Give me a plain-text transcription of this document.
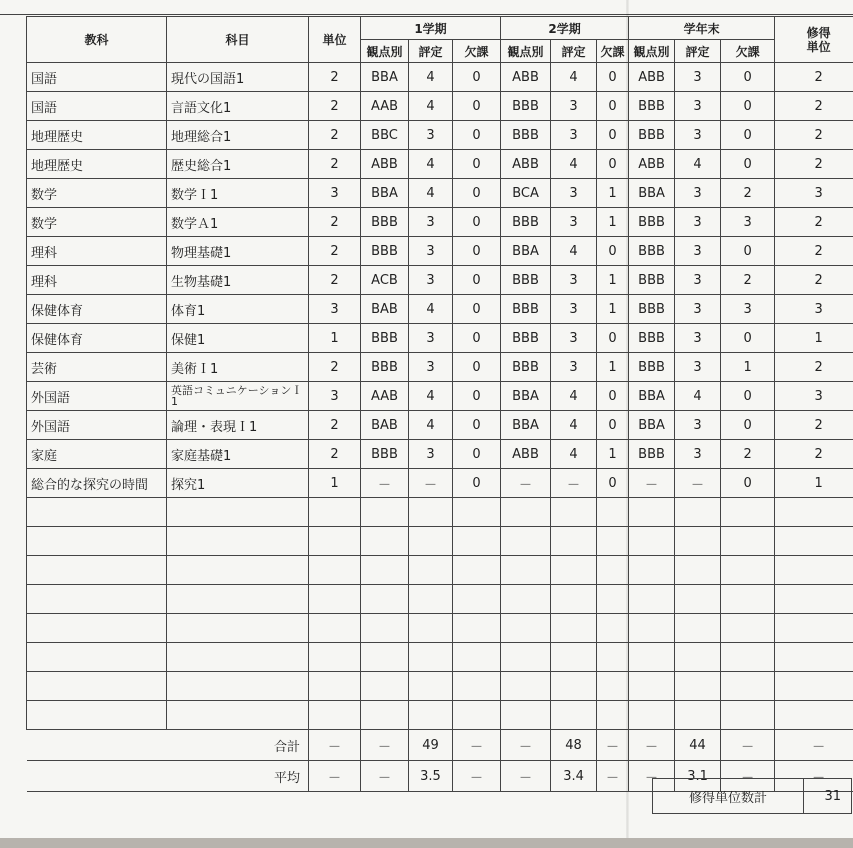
教科	科目	単位	1学期			2学期			学年末			修得
単位
			観点別	評定	欠課	観点別	評定	欠課	観点別	評定	欠課	
国語	現代の国語1	2	BBA	4	0	ABB	4	0	ABB	3	0	2
国語	言語文化1	2	AAB	4	0	BBB	3	0	BBB	3	0	2
地理歴史	地理総合1	2	BBC	3	0	BBB	3	0	BBB	3	0	2
地理歴史	歴史総合1	2	ABB	4	0	ABB	4	0	ABB	4	0	2
数学	数学Ｉ1	3	BBA	4	0	BCA	3	1	BBA	3	2	3
数学	数学Ａ1	2	BBB	3	0	BBB	3	1	BBB	3	3	2
理科	物理基礎1	2	BBB	3	0	BBA	4	0	BBB	3	0	2
理科	生物基礎1	2	ACB	3	0	BBB	3	1	BBB	3	2	2
保健体育	体育1	3	BAB	4	0	BBB	3	1	BBB	3	3	3
保健体育	保健1	1	BBB	3	0	BBB	3	0	BBB	3	0	1
芸術	美術Ｉ1	2	BBB	3	0	BBB	3	1	BBB	3	1	2
外国語	英語コミュニケーションＩ1	3	AAB	4	0	BBA	4	0	BBA	4	0	3
外国語	論理・表現Ｉ1	2	BAB	4	0	BBA	4	0	BBA	3	0	2
家庭	家庭基礎1	2	BBB	3	0	ABB	4	1	BBB	3	2	2
総合的な探究の時間	探究1	1	－	－	0	－	－	0	－	－	0	1

合計		－	－	49	－	－	48	－	－	44	－	－
平均		－	－	3.5	－	－	3.4	－	－	3.1	－	－
修得単位数計	31
